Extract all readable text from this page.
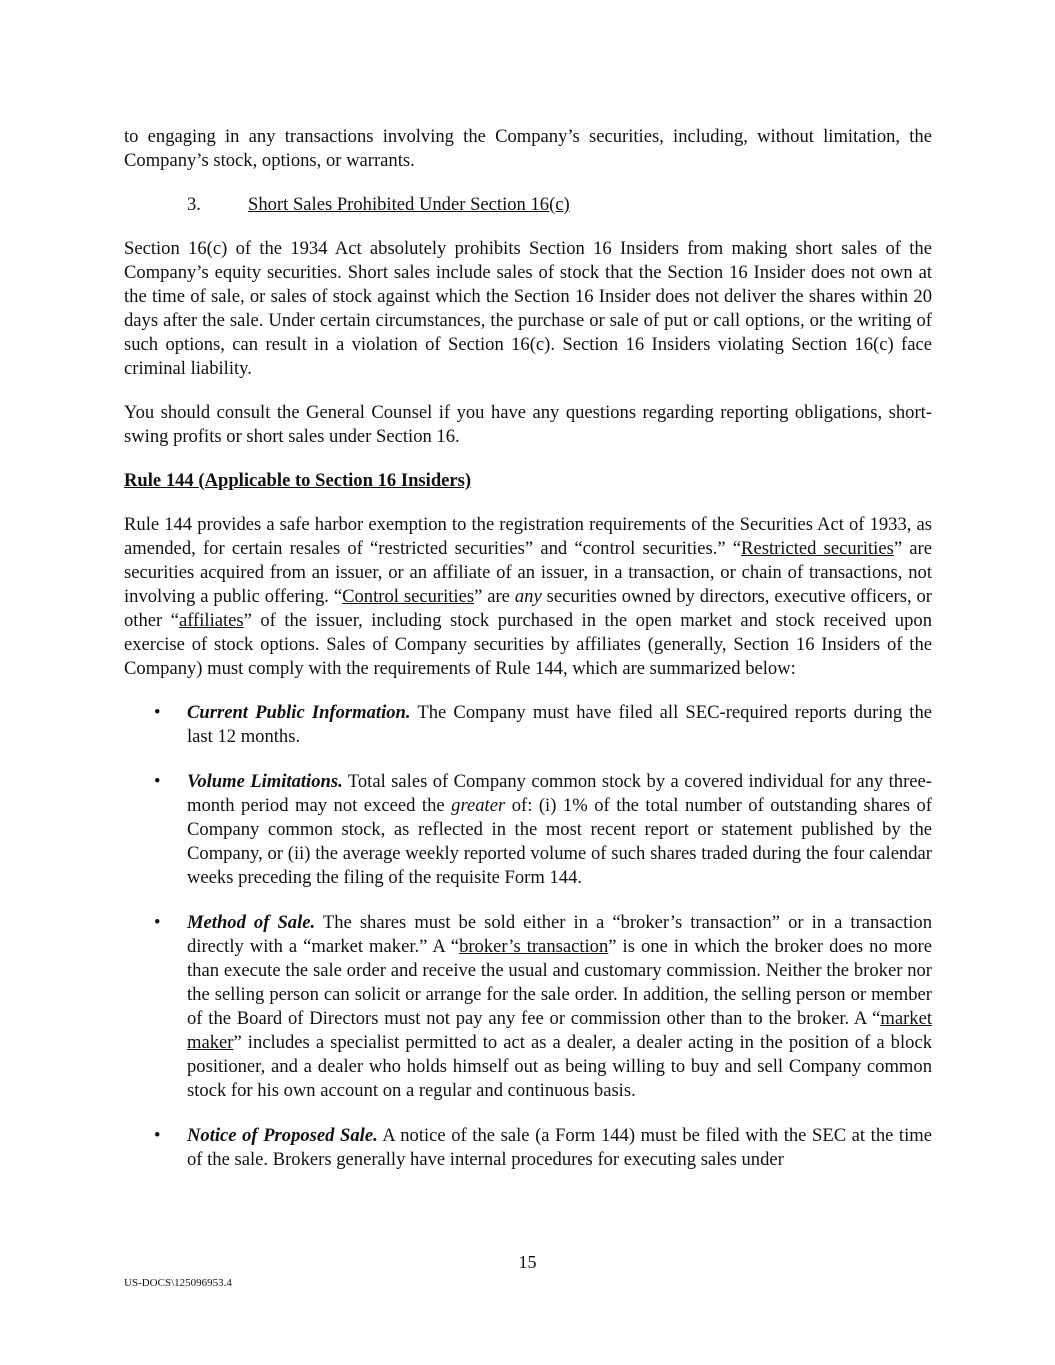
to engaging in any transactions involving the Company’s securities, including, without limitation, the Company’s stock, options, or warrants.
3.	Short Sales Prohibited Under Section 16(c)
Section 16(c) of the 1934 Act absolutely prohibits Section 16 Insiders from making short sales of the Company’s equity securities. Short sales include sales of stock that the Section 16 Insider does not own at the time of sale, or sales of stock against which the Section 16 Insider does not deliver the shares within 20 days after the sale. Under certain circumstances, the purchase or sale of put or call options, or the writing of such options, can result in a violation of Section 16(c). Section 16 Insiders violating Section 16(c) face criminal liability.
You should consult the General Counsel if you have any questions regarding reporting obligations, short-swing profits or short sales under Section 16.
Rule 144 (Applicable to Section 16 Insiders)
Rule 144 provides a safe harbor exemption to the registration requirements of the Securities Act of 1933, as amended, for certain resales of “restricted securities” and “control securities.” “Restricted securities” are securities acquired from an issuer, or an affiliate of an issuer, in a transaction, or chain of transactions, not involving a public offering. “Control securities” are any securities owned by directors, executive officers, or other “affiliates” of the issuer, including stock purchased in the open market and stock received upon exercise of stock options. Sales of Company securities by affiliates (generally, Section 16 Insiders of the Company) must comply with the requirements of Rule 144, which are summarized below:
• Current Public Information. The Company must have filed all SEC-required reports during the last 12 months.
• Volume Limitations. Total sales of Company common stock by a covered individual for any three-month period may not exceed the greater of: (i) 1% of the total number of outstanding shares of Company common stock, as reflected in the most recent report or statement published by the Company, or (ii) the average weekly reported volume of such shares traded during the four calendar weeks preceding the filing of the requisite Form 144.
• Method of Sale. The shares must be sold either in a “broker’s transaction” or in a transaction directly with a “market maker.” A “broker’s transaction” is one in which the broker does no more than execute the sale order and receive the usual and customary commission. Neither the broker nor the selling person can solicit or arrange for the sale order. In addition, the selling person or member of the Board of Directors must not pay any fee or commission other than to the broker. A “market maker” includes a specialist permitted to act as a dealer, a dealer acting in the position of a block positioner, and a dealer who holds himself out as being willing to buy and sell Company common stock for his own account on a regular and continuous basis.
• Notice of Proposed Sale. A notice of the sale (a Form 144) must be filed with the SEC at the time of the sale. Brokers generally have internal procedures for executing sales under
15
US-DOCS\125096953.4
